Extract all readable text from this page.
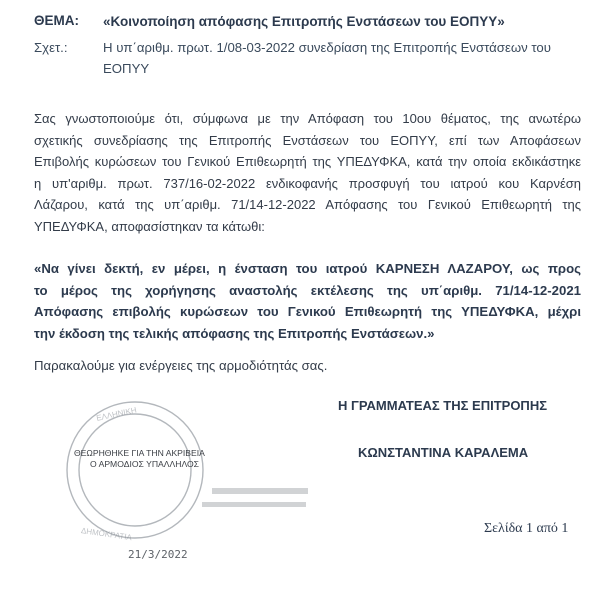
ΘΕΜΑ: «Κοινοποίηση απόφασης Επιτροπής Ενστάσεων του ΕΟΠΥΥ»
Σχετ.:	Η υπ΄αριθμ. πρωτ. 1/08-03-2022 συνεδρίαση της Επιτροπής Ενστάσεων του
ΕΟΠΥΥ
Σας γνωστοποιούμε ότι, σύμφωνα με την Απόφαση του 10ου θέματος, της ανωτέρω
σχετικής συνεδρίασης της Επιτροπής Ενστάσεων του ΕΟΠΥΥ, επί των Αποφάσεων
Επιβολής κυρώσεων του Γενικού Επιθεωρητή της ΥΠΕΔΥΦΚΑ, κατά την οποία εκδικάστηκε
η υπ'αριθμ. πρωτ. 737/16-02-2022 ενδικοφανής προσφυγή του ιατρού κου Καρνέση
Λάζαρου, κατά της υπ΄αριθμ. 71/14-12-2022 Απόφασης του Γενικού Επιθεωρητή της
ΥΠΕΔΥΦΚΑ, αποφασίστηκαν τα κάτωθι:
«Να γίνει δεκτή, εν μέρει, η ένσταση του ιατρού ΚΑΡΝΕΣΗ ΛΑΖΑΡΟΥ, ως προς
το μέρος της χορήγησης αναστολής εκτέλεσης της υπ΄αριθμ. 71/14-12-2021
Απόφασης επιβολής κυρώσεων του Γενικού Επιθεωρητή της ΥΠΕΔΥΦΚΑ, μέχρι
την έκδοση της τελικής απόφασης της Επιτροπής Ενστάσεων.»
Παρακαλούμε για ενέργειες της αρμοδιότητάς σας.
Η ΓΡΑΜΜΑΤΕΑΣ ΤΗΣ ΕΠΙΤΡΟΠΗΣ
ΚΩΝΣΤΑΝΤΙΝΑ ΚΑΡΑΛΕΜΑ
ΕΛΛΗΝΙΚΗ
ΔΗΜΟΚΡΑΤΙΑ
ΘΕΩΡΗΘΗΚΕ ΓΙΑ ΤΗΝ ΑΚΡΙΒΕΙΑ
Ο ΑΡΜΟΔΙΟΣ ΥΠΑΛΛΗΛΟΣ
21/3/2022
Σελίδα 1 από 1
